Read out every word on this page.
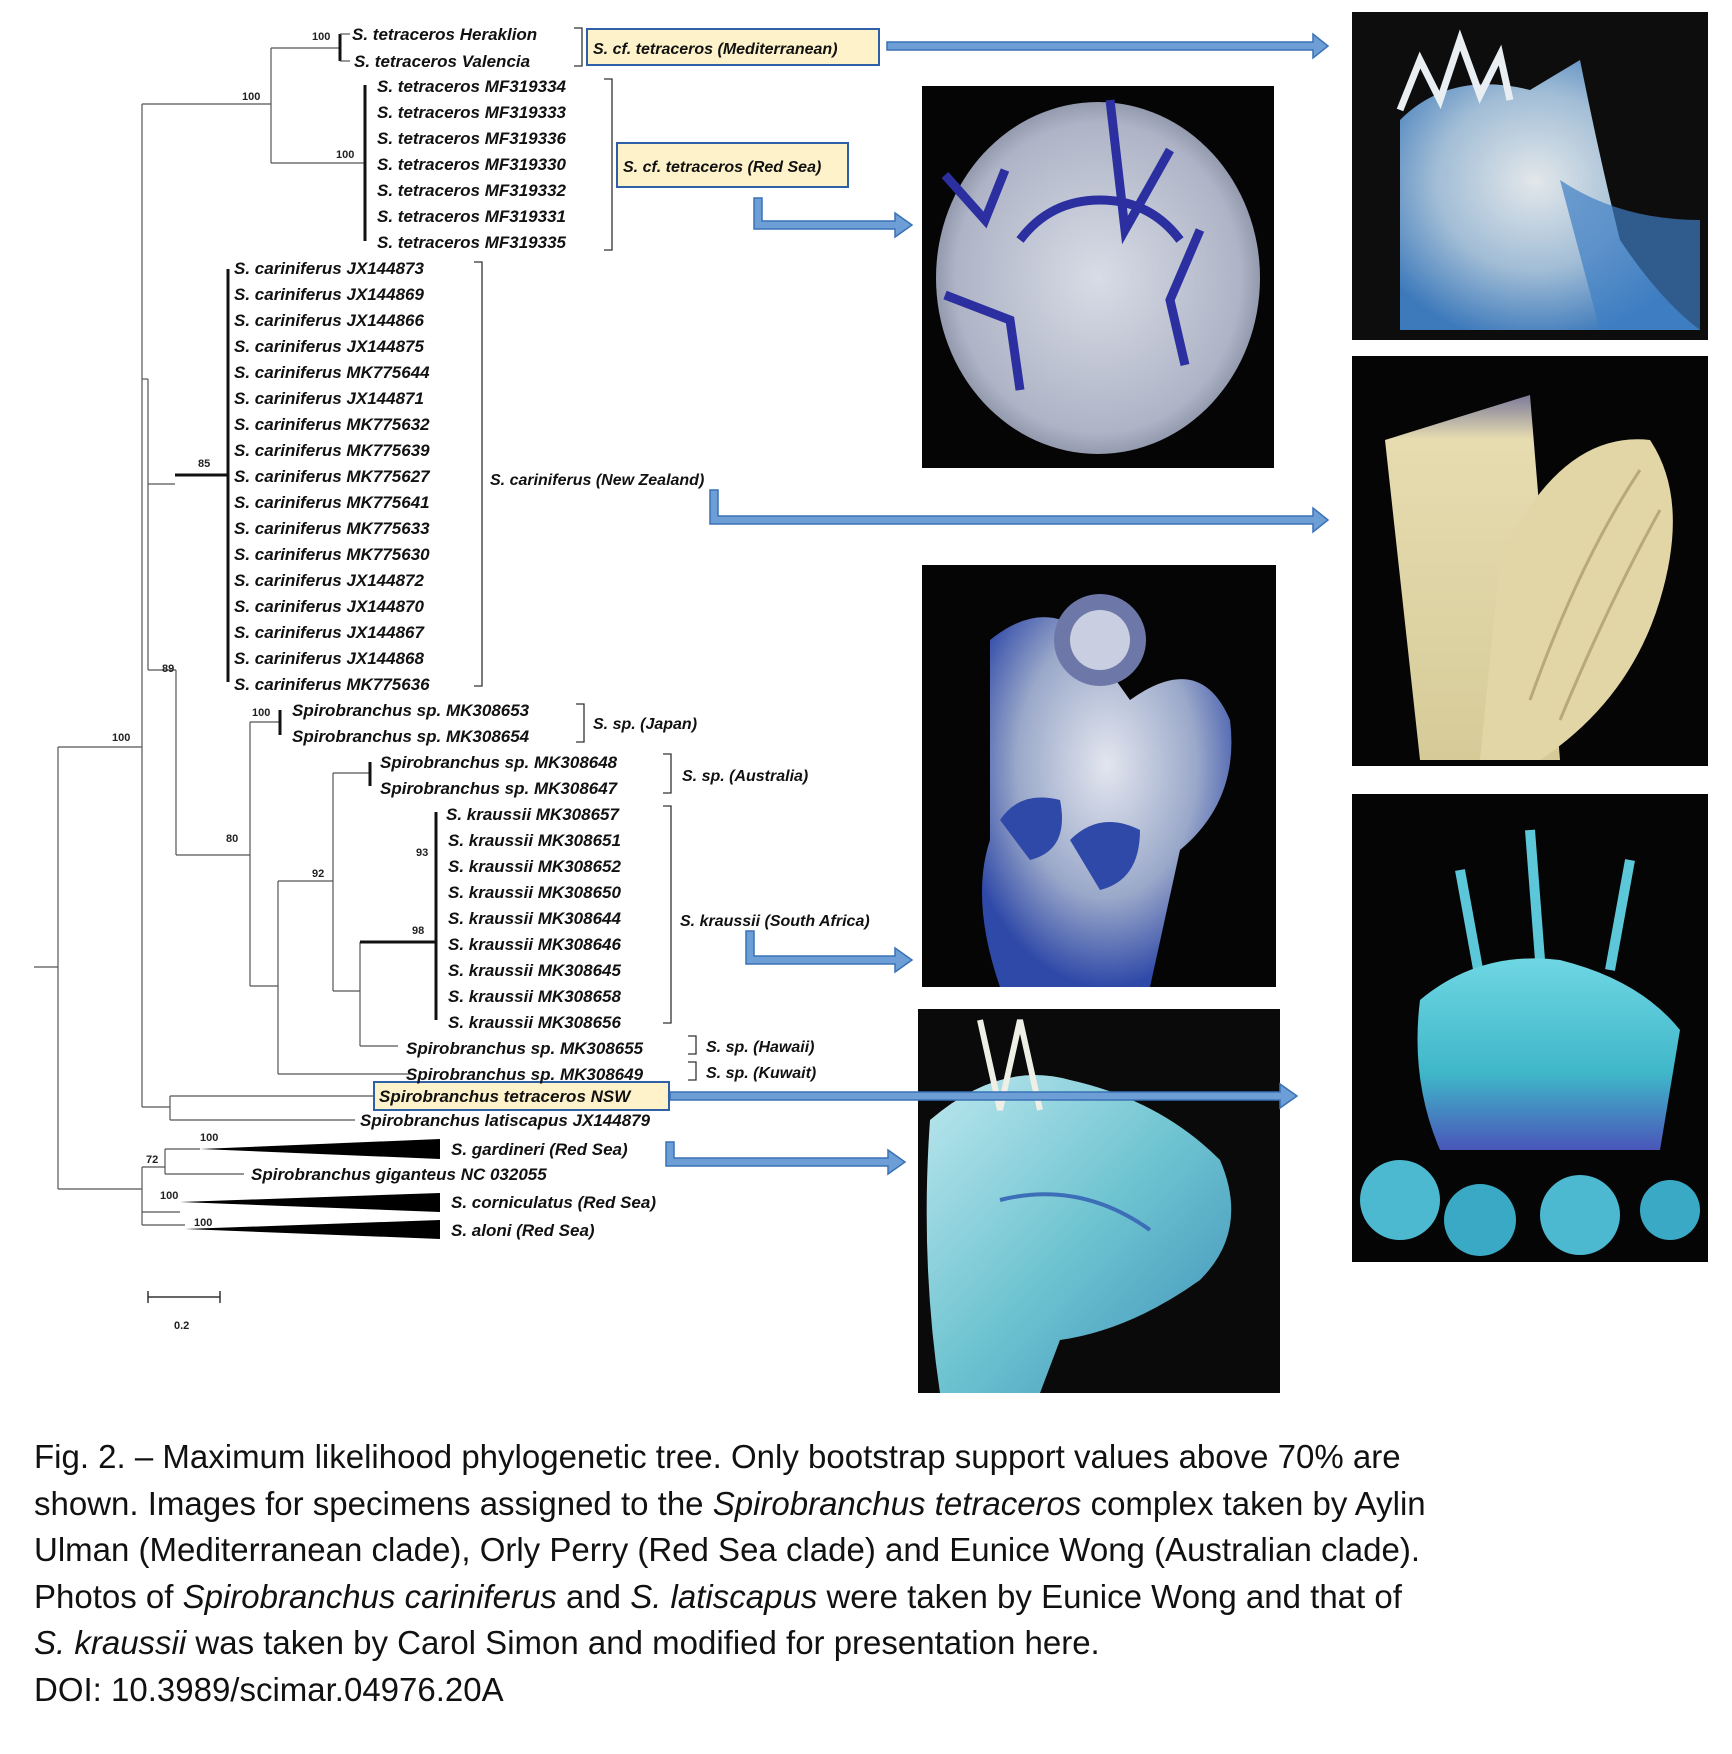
S. tetraceros Heraklion
S. tetraceros Valencia
S. tetraceros MF319334
S. tetraceros MF319333
S. tetraceros MF319336
S. tetraceros MF319330
S. tetraceros MF319332
S. tetraceros MF319331
S. tetraceros MF319335
S. cariniferus JX144873
S. cariniferus JX144869
S. cariniferus JX144866
S. cariniferus JX144875
S. cariniferus MK775644
S. cariniferus JX144871
S. cariniferus MK775632
S. cariniferus MK775639
S. cariniferus MK775627
S. cariniferus MK775641
S. cariniferus MK775633
S. cariniferus MK775630
S. cariniferus JX144872
S. cariniferus JX144870
S. cariniferus JX144867
S. cariniferus JX144868
S. cariniferus MK775636
Spirobranchus sp. MK308653
Spirobranchus sp. MK308654
Spirobranchus sp. MK308648
Spirobranchus sp. MK308647
S. kraussii MK308657
S. kraussii MK308651
S. kraussii MK308652
S. kraussii MK308650
S. kraussii MK308644
S. kraussii MK308646
S. kraussii MK308645
S. kraussii MK308658
S. kraussii MK308656
Spirobranchus sp. MK308655
Spirobranchus sp. MK308649
Spirobranchus tetraceros NSW
Spirobranchus latiscapus JX144879
S. gardineri (Red Sea)
Spirobranchus giganteus NC 032055
S. corniculatus (Red Sea)
S. aloni (Red Sea)
S. cf. tetraceros (Mediterranean)
S. cf. tetraceros (Red Sea)
S. cariniferus (New Zealand)
S. sp. (Japan)
S. sp. (Australia)
S. kraussii (South Africa)
S. sp. (Hawaii)
S. sp. (Kuwait)
100
100
100
85
89
100
100
80
92
93
98
72
100
100
100
0.2

Fig. 2. – Maximum likelihood phylogenetic tree. Only bootstrap support values above 70% are

shown. Images for specimens assigned to the Spirobranchus tetraceros complex taken by Aylin

Ulman (Mediterranean clade), Orly Perry (Red Sea clade) and Eunice Wong (Australian clade).

Photos of Spirobranchus cariniferus and S. latiscapus were taken by Eunice Wong and that of

S. kraussii was taken by Carol Simon and modified for presentation here.

DOI: 10.3989/scimar.04976.20A
